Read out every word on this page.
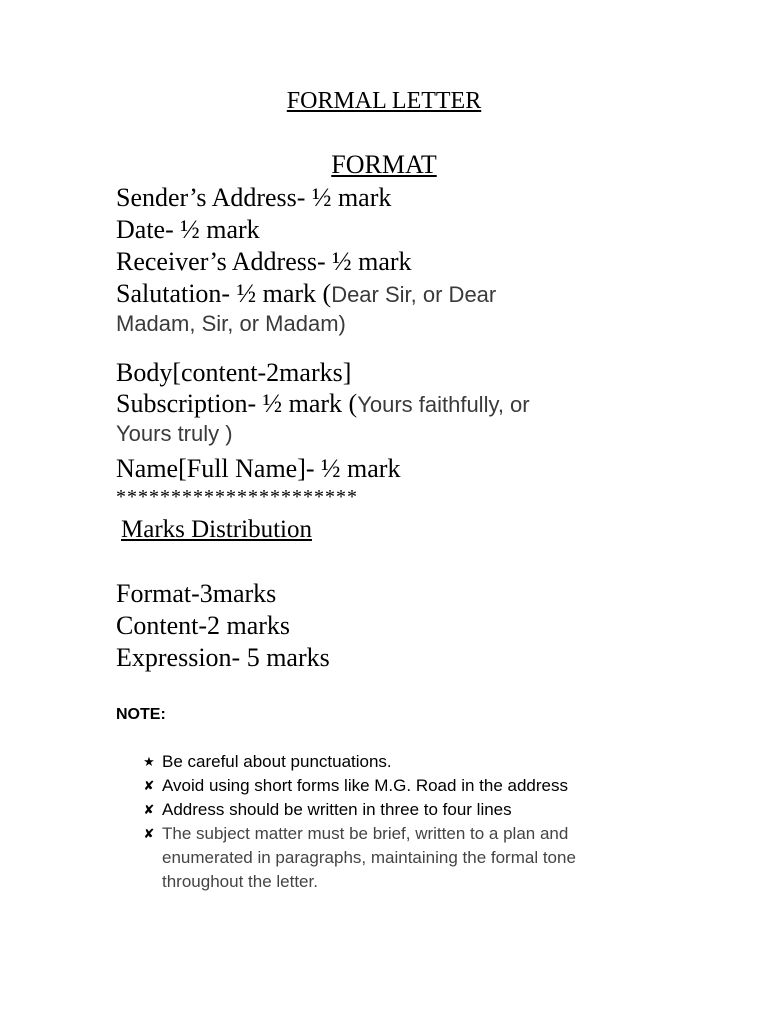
FORMAL LETTER
FORMAT
Sender’s Address- ½ mark
Date- ½ mark
Receiver’s Address- ½ mark
Salutation- ½ mark (Dear Sir, or Dear
Madam, Sir, or Madam)
Body[content-2marks]
Subscription- ½ mark (Yours faithfully, or
Yours truly )
Name[Full Name]- ½ mark
**********************
Marks Distribution
Format-3marks
Content-2 marks
Expression- 5 marks
NOTE:
★ Be careful about punctuations.
✘ Avoid using short forms like M.G. Road in the address
✘ Address should be written in three to four lines
✘ The subject matter must be brief, written to a plan and
enumerated in paragraphs, maintaining the formal tone
throughout the letter.
